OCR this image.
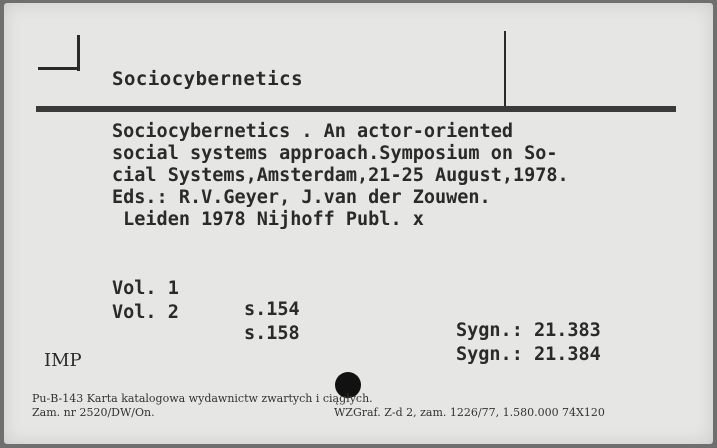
Sociocybernetics
Sociocybernetics . An actor-oriented
social systems approach.Symposium on So-
cial Systems,Amsterdam,21-25 August,1978.
Eds.: R.V.Geyer, J.van der Zouwen.
Leiden 1978 Nijhoff Publ. x

Vol. 1

s.154

Sygn.: 21.383

Vol. 2

s.158

Sygn.: 21.384

IMP
Pu-B-143 Karta katalogowa wydawnictw zwartych i ciągłych.
Zam. nr 2520/DW/On.	WZGraf. Z-d 2, zam. 1226/77, 1.580.000 74X120
